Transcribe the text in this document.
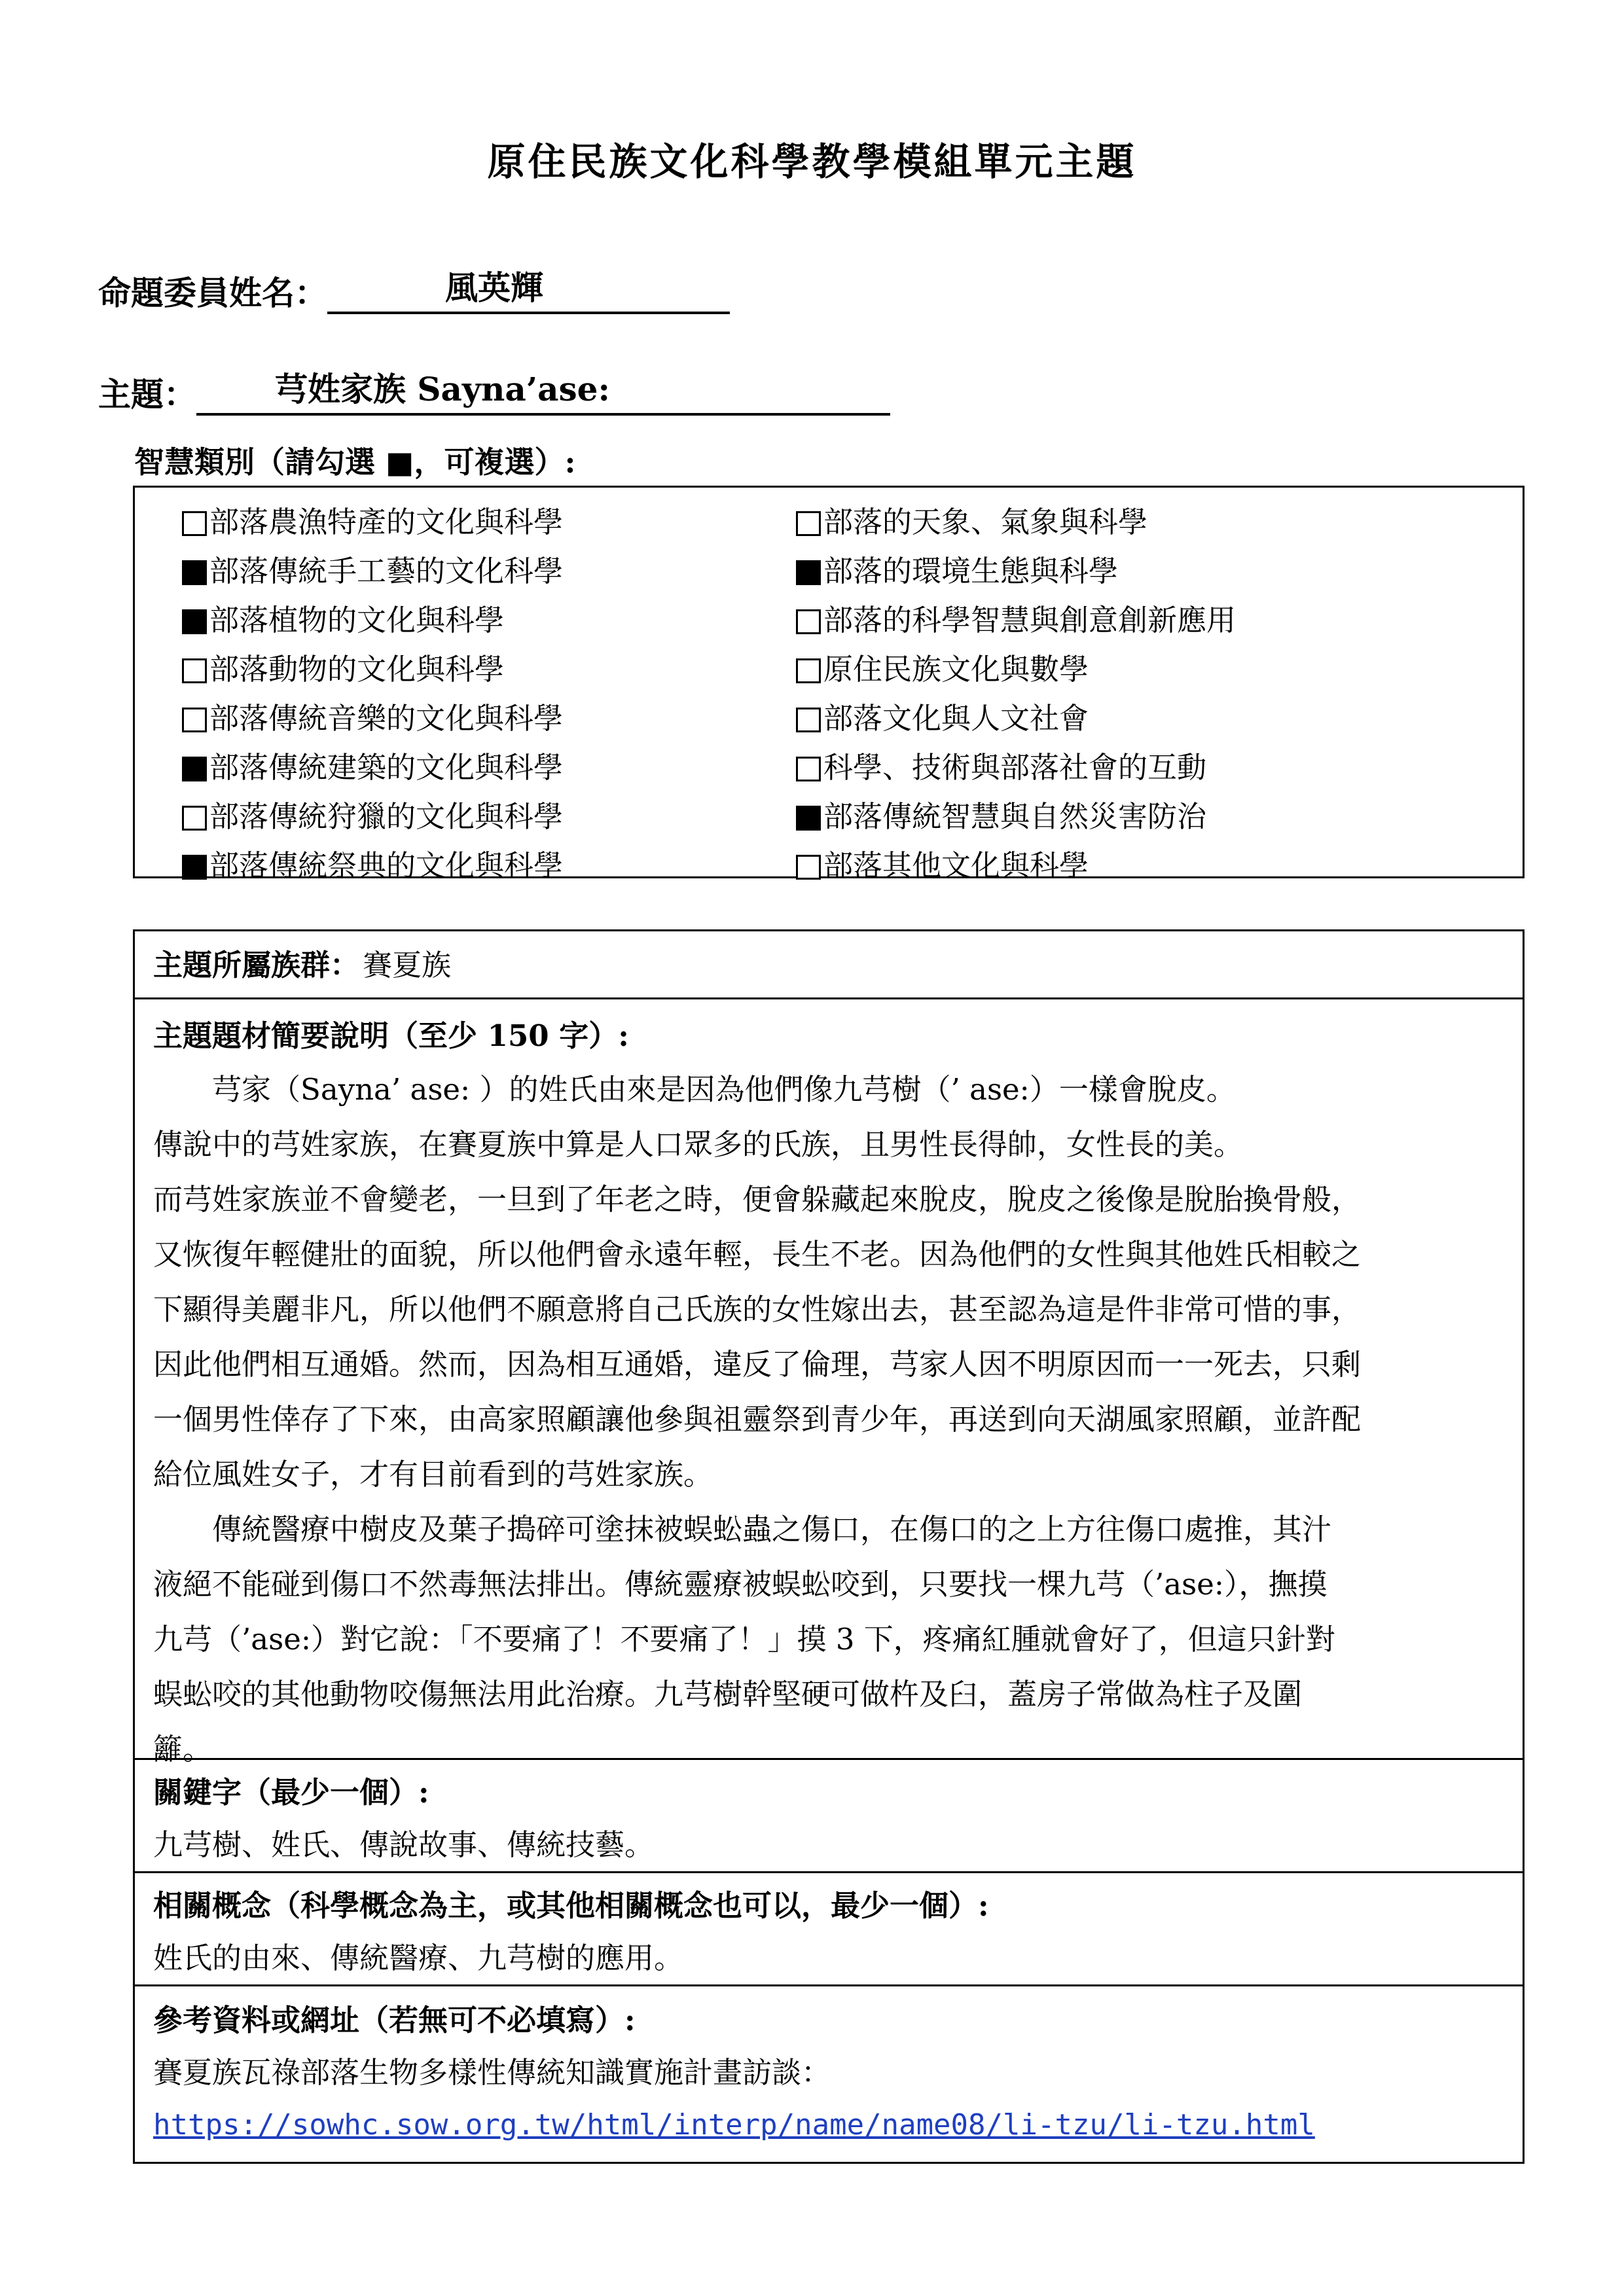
原住民族文化科學教學模組單元主題
命題委員姓名：	風英輝
主題： 芎姓家族 Sayna’ase:
智慧類別（請勾選 ■，可複選）:
部落農漁特產的文化與科學
部落傳統手工藝的文化科學
部落植物的文化與科學
部落動物的文化與科學
部落傳統音樂的文化與科學
部落傳統建築的文化與科學
部落傳統狩獵的文化與科學
部落傳統祭典的文化與科學
部落的天象、氣象與科學
部落的環境生態與科學
部落的科學智慧與創意創新應用
原住民族文化與數學
部落文化與人文社會
科學、技術與部落社會的互動
部落傳統智慧與自然災害防治
部落其他文化與科學
主題所屬族群： 賽夏族
主題題材簡要說明（至少 150 字）:
　　芎家（Sayna’ ase: ）的姓氏由來是因為他們像九芎樹（’ ase:）一樣會脫皮。
傳說中的芎姓家族，在賽夏族中算是人口眾多的氏族，且男性長得帥，女性長的美。
而芎姓家族並不會變老，一旦到了年老之時，便會躲藏起來脫皮，脫皮之後像是脫胎換骨般，
又恢復年輕健壯的面貌，所以他們會永遠年輕，長生不老。因為他們的女性與其他姓氏相較之
下顯得美麗非凡，所以他們不願意將自己氏族的女性嫁出去，甚至認為這是件非常可惜的事，
因此他們相互通婚。然而，因為相互通婚，違反了倫理，芎家人因不明原因而一一死去，只剩
一個男性倖存了下來，由高家照顧讓他參與祖靈祭到青少年，再送到向天湖風家照顧，並許配
給位風姓女子，才有目前看到的芎姓家族。
　　傳統醫療中樹皮及葉子搗碎可塗抹被蜈蚣蟲之傷口，在傷口的之上方往傷口處推，其汁
液絕不能碰到傷口不然毒無法排出。傳統靈療被蜈蚣咬到，只要找一棵九芎（’ase:），撫摸
九芎（’ase:）對它說：「不要痛了！不要痛了！」摸 3 下，疼痛紅腫就會好了，但這只針對
蜈蚣咬的其他動物咬傷無法用此治療。九芎樹幹堅硬可做杵及臼，蓋房子常做為柱子及圍
籬。
關鍵字（最少一個）:
九芎樹、姓氏、傳說故事、傳統技藝。
相關概念（科學概念為主，或其他相關概念也可以，最少一個）:
姓氏的由來、傳統醫療、九芎樹的應用。
參考資料或網址（若無可不必填寫）:
賽夏族瓦祿部落生物多樣性傳統知識實施計畫訪談：
https://sowhc.sow.org.tw/html/interp/name/name08/li-tzu/li-tzu.html
